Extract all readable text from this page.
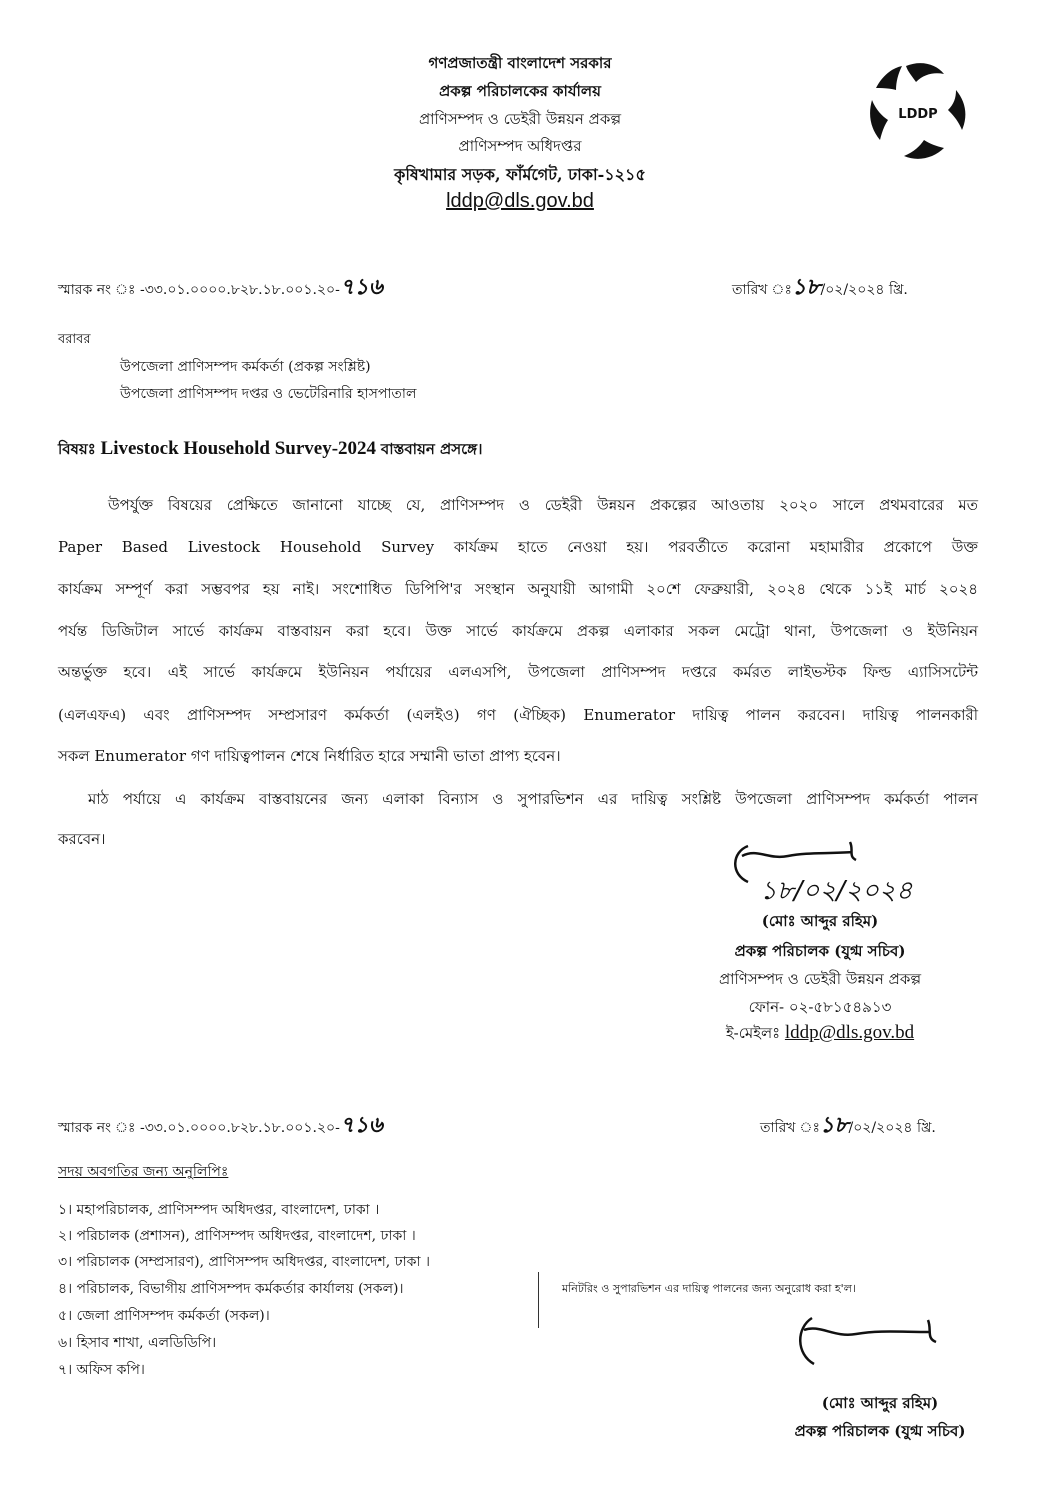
গণপ্রজাতন্ত্রী বাংলাদেশ সরকার
প্রকল্প পরিচালকের কার্যালয়
প্রাণিসম্পদ ও ডেইরী উন্নয়ন প্রকল্প
প্রাণিসম্পদ অধিদপ্তর
কৃষিখামার সড়ক, ফাঁর্মগেট, ঢাকা-১২১৫
lddp@dls.gov.bd
LDDP
স্মারক নং ঃ -৩৩.০১.০০০০.৮২৮.১৮.০০১.২০-৭১৬	তারিখ ঃ১৮/০২/২০২৪ খ্রি.
বরাবর
উপজেলা প্রাণিসম্পদ কর্মকর্তা (প্রকল্প সংশ্লিষ্ট)
উপজেলা প্রাণিসম্পদ দপ্তর ও ভেটেরিনারি হাসপাতাল
বিষয়ঃ Livestock Household Survey-2024 বাস্তবায়ন প্রসঙ্গে।
উপর্যুক্ত বিষয়ের প্রেক্ষিতে জানানো যাচ্ছে যে, প্রাণিসম্পদ ও ডেইরী উন্নয়ন প্রকল্পের আওতায় ২০২০ সালে প্রথমবারের মত
Paper Based Livestock Household Survey কার্যক্রম হাতে নেওয়া হয়। পরবর্তীতে করোনা মহামারীর প্রকোপে উক্ত
কার্যক্রম সম্পূর্ণ করা সম্ভবপর হয় নাই। সংশোধিত ডিপিপি'র সংস্থান অনুযায়ী আগামী ২০শে ফেব্রুয়ারী, ২০২৪ থেকে ১১ই মার্চ ২০২৪
পর্যন্ত ডিজিটাল সার্ভে কার্যক্রম বাস্তবায়ন করা হবে। উক্ত সার্ভে কার্যক্রমে প্রকল্প এলাকার সকল মেট্রো থানা, উপজেলা ও ইউনিয়ন
অন্তর্ভুক্ত হবে। এই সার্ভে কার্যক্রমে ইউনিয়ন পর্যায়ের এলএসপি, উপজেলা প্রাণিসম্পদ দপ্তরে কর্মরত লাইভস্টক ফিল্ড এ্যাসিসটেন্ট
(এলএফএ) এবং প্রাণিসম্পদ সম্প্রসারণ কর্মকর্তা (এলইও) গণ (ঐচ্ছিক) Enumerator দায়িত্ব পালন করবেন। দায়িত্ব পালনকারী
সকল Enumerator গণ দায়িত্বপালন শেষে নির্ধারিত হারে সম্মানী ভাতা প্রাপ্য হবেন।
মাঠ পর্যায়ে এ কার্যক্রম বাস্তবায়নের জন্য এলাকা বিন্যাস ও সুপারভিশন এর দায়িত্ব সংশ্লিষ্ট উপজেলা প্রাণিসম্পদ কর্মকর্তা পালন
করবেন।
১৮/০২/২০২৪
(মোঃ আব্দুর রহিম)
প্রকল্প পরিচালক (যুগ্ম সচিব)
প্রাণিসম্পদ ও ডেইরী উন্নয়ন প্রকল্প
ফোন- ০২-৫৮১৫৪৯১৩
ই-মেইলঃ lddp@dls.gov.bd
স্মারক নং ঃ -৩৩.০১.০০০০.৮২৮.১৮.০০১.২০-৭১৬	তারিখ ঃ১৮/০২/২০২৪ খ্রি.
সদয় অবগতির জন্য অনুলিপিঃ
১। মহাপরিচালক, প্রাণিসম্পদ অধিদপ্তর, বাংলাদেশ, ঢাকা ।
২। পরিচালক (প্রশাসন), প্রাণিসম্পদ অধিদপ্তর, বাংলাদেশ, ঢাকা ।
৩। পরিচালক (সম্প্রসারণ), প্রাণিসম্পদ অধিদপ্তর, বাংলাদেশ, ঢাকা ।
৪। পরিচালক, বিভাগীয় প্রাণিসম্পদ কর্মকর্তার কার্যালয় (সকল)।
৫। জেলা প্রাণিসম্পদ কর্মকর্তা (সকল)।
৬। হিসাব শাখা, এলডিডিপি।
৭। অফিস কপি।
মনিটরিং ও সুপারভিশন এর দায়িত্ব পালনের জন্য অনুরোধ করা হ'ল।
(মোঃ আব্দুর রহিম)
প্রকল্প পরিচালক (যুগ্ম সচিব)
